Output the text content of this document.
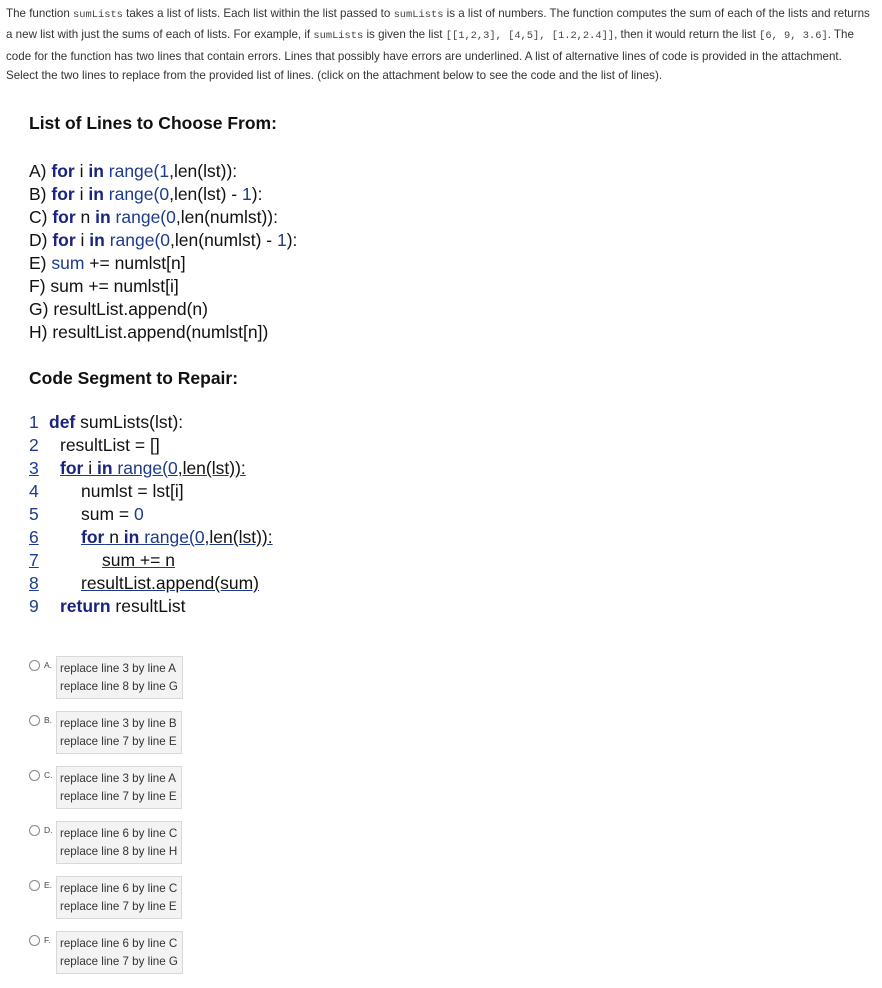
The function sumLists takes a list of lists. Each list within the list passed to sumLists is a list of numbers. The function computes the sum of each of the lists and returns a new list with just the sums of each of lists. For example, if sumLists is given the list [[1,2,3], [4,5], [1.2,2.4]], then it would return the list [6, 9, 3.6]. The code for the function has two lines that contain errors. Lines that possibly have errors are underlined. A list of alternative lines of code is provided in the attachment. Select the two lines to replace from the provided list of lines. (click on the attachment below to see the code and the list of lines).
List of Lines to Choose From:
A) for i in range(1,len(lst)):
B) for i in range(0,len(lst) - 1):
C) for n in range(0,len(numlst)):
D) for i in range(0,len(numlst) - 1):
E) sum += numlst[n]
F) sum += numlst[i]
G) resultList.append(n)
H) resultList.append(numlst[n])
Code Segment to Repair:
1 def sumLists(lst):
2	resultList = []
3	for i in range( 0 ,len(lst)):
4	numlst = lst[i]
5	sum = 0
6	for n in range( 0 ,len(lst)):
7	sum += n
8	resultList.append(sum)
9	return resultList
A. replace line 3 by line A
replace line 8 by line G
B. replace line 3 by line B
replace line 7 by line E
C. replace line 3 by line A
replace line 7 by line E
D. replace line 6 by line C
replace line 8 by line H
E. replace line 6 by line C
replace line 7 by line E
F. replace line 6 by line C
replace line 7 by line G
